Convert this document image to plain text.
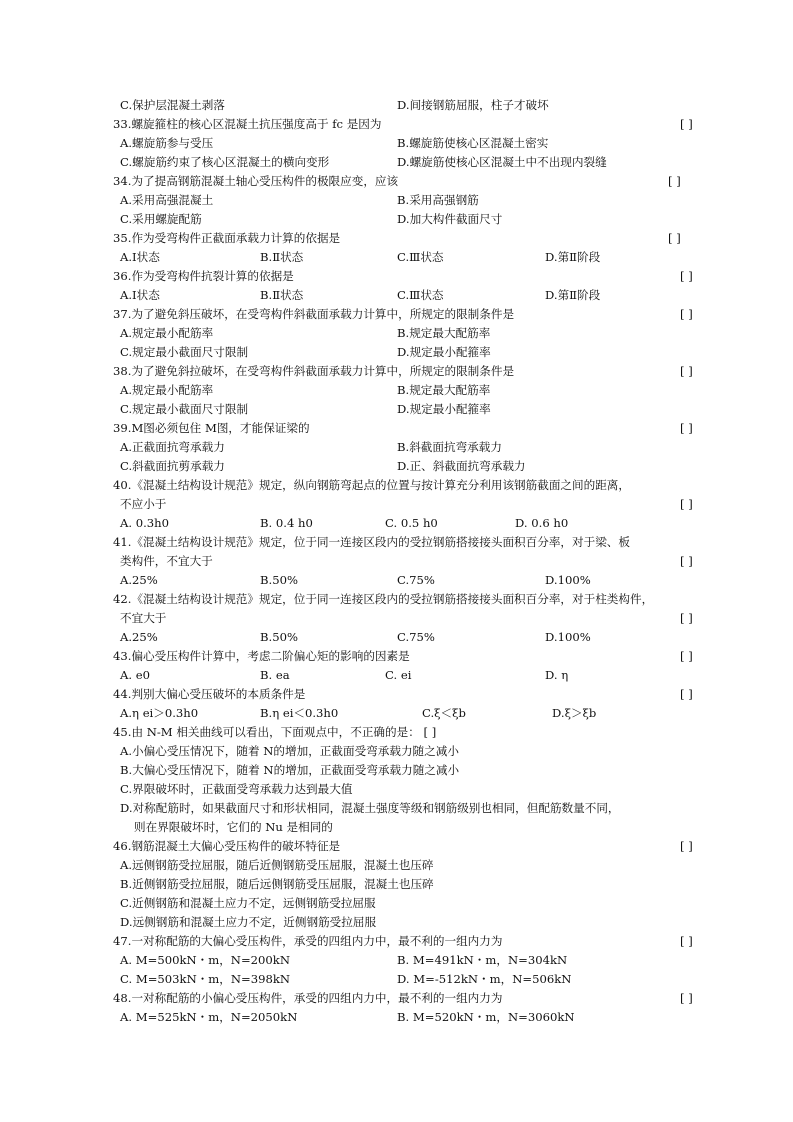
C.保护层混凝土剥落	D.间接钢筋屈服，柱子才破坏
33.螺旋箍柱的核心区混凝土抗压强度高于 fc 是因为	[ ]
A.螺旋筋参与受压	B.螺旋筋使核心区混凝土密实
C.螺旋筋约束了核心区混凝土的横向变形	D.螺旋筋使核心区混凝土中不出现内裂缝
34.为了提高钢筋混凝土轴心受压构件的极限应变，应该	[ ]
A.采用高强混凝土	B.采用高强钢筋
C.采用螺旋配筋	D.加大构件截面尺寸
35.作为受弯构件正截面承载力计算的依据是	[ ]
A.Ⅰ状态	B.Ⅱ状态	C.Ⅲ状态	D.第Ⅱ阶段
36.作为受弯构件抗裂计算的依据是	[ ]
A.Ⅰ状态	B.Ⅱ状态	C.Ⅲ状态	D.第Ⅱ阶段
37.为了避免斜压破坏，在受弯构件斜截面承载力计算中，所规定的限制条件是	[ ]
A.规定最小配筋率	B.规定最大配筋率
C.规定最小截面尺寸限制	D.规定最小配箍率
38.为了避免斜拉破坏，在受弯构件斜截面承载力计算中，所规定的限制条件是	[ ]
A.规定最小配筋率	B.规定最大配筋率
C.规定最小截面尺寸限制	D.规定最小配箍率
39.M图必须包住 M图，才能保证梁的	[ ]
A.正截面抗弯承载力	B.斜截面抗弯承载力
C.斜截面抗剪承载力	D.正、斜截面抗弯承载力
40.《混凝土结构设计规范》规定，纵向钢筋弯起点的位置与按计算充分利用该钢筋截面之间的距离，
不应小于	[ ]
A. 0.3h0	B. 0.4 h0	C. 0.5 h0	D. 0.6 h0
41.《混凝土结构设计规范》规定，位于同一连接区段内的受拉钢筋搭接接头面积百分率，对于梁、板
类构件，不宜大于	[ ]
A.25%	B.50%	C.75%	D.100%
42.《混凝土结构设计规范》规定，位于同一连接区段内的受拉钢筋搭接接头面积百分率，对于柱类构件，
不宜大于	[ ]
A.25%	B.50%	C.75%	D.100%
43.偏心受压构件计算中，考虑二阶偏心矩的影响的因素是	[ ]
A. e0	B. ea	C. ei	D. η
44.判别大偏心受压破坏的本质条件是	[ ]
A.η ei＞0.3h0	B.η ei＜0.3h0	C.ξ＜ξb	D.ξ＞ξb
45.由 N-M 相关曲线可以看出，下面观点中，不正确的是： [ ]
A.小偏心受压情况下，随着 N的增加，正截面受弯承载力随之减小
B.大偏心受压情况下，随着 N的增加，正截面受弯承载力随之减小
C.界限破坏时，正截面受弯承载力达到最大值
D.对称配筋时，如果截面尺寸和形状相同，混凝土强度等级和钢筋级别也相同，但配筋数量不同，
则在界限破坏时，它们的 Nu 是相同的
46.钢筋混凝土大偏心受压构件的破坏特征是	[ ]
A.远侧钢筋受拉屈服，随后近侧钢筋受压屈服，混凝土也压碎
B.近侧钢筋受拉屈服，随后远侧钢筋受压屈服，混凝土也压碎
C.近侧钢筋和混凝土应力不定，远侧钢筋受拉屈服
D.远侧钢筋和混凝土应力不定，近侧钢筋受拉屈服
47.一对称配筋的大偏心受压构件，承受的四组内力中，最不利的一组内力为	[ ]
A. M=500kN・m，N=200kN	B. M=491kN・m，N=304kN
C. M=503kN・m，N=398kN	D. M=-512kN・m，N=506kN
48.一对称配筋的小偏心受压构件，承受的四组内力中，最不利的一组内力为	[ ]
A. M=525kN・m，N=2050kN	B. M=520kN・m，N=3060kN
